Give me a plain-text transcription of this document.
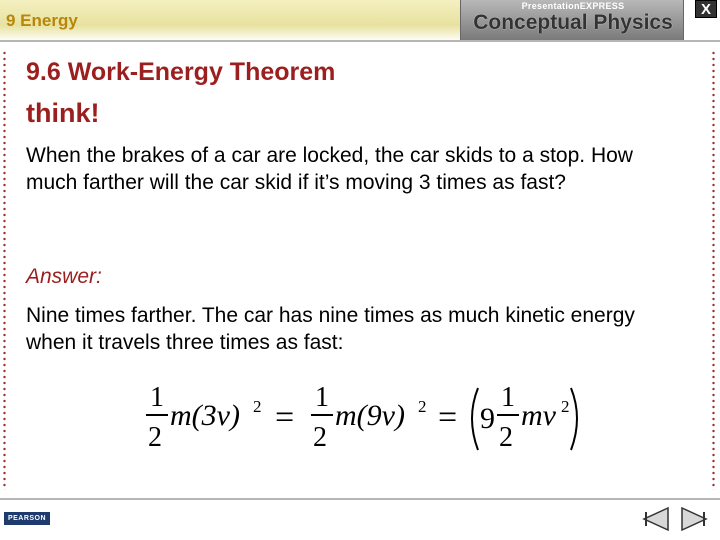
9 Energy
PresentationEXPRESS
Conceptual Physics
X
9.6 Work-Energy Theorem
think!
When the brakes of a car are locked, the car skids to a stop. How much farther will the car skid if it’s moving 3 times as fast?
Answer:
Nine times farther. The car has nine times as much kinetic energy when it travels three times as fast:
1
2
m(3v) 2 =
1
2
m(9v) 2 = 9
1
2
mv 2
PEARSON
